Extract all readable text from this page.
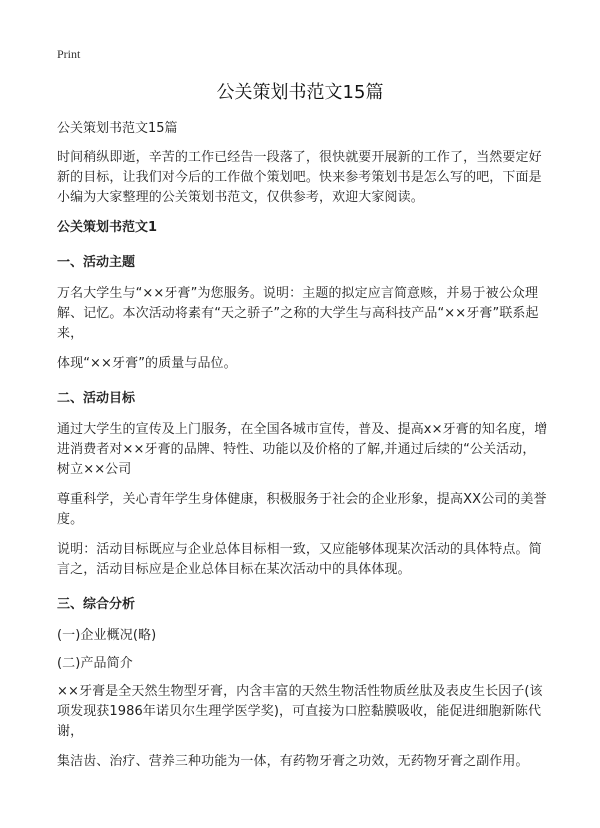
Print
公关策划书范文15篇

公关策划书范文15篇

时间稍纵即逝，辛苦的工作已经告一段落了，很快就要开展新的工作了，当然要定好新的目标，让我们对今后的工作做个策划吧。快来参考策划书是怎么写的吧，下面是小编为大家整理的公关策划书范文，仅供参考，欢迎大家阅读。

公关策划书范文1
一、活动主题

万名大学生与“××牙膏”为您服务。说明：主题的拟定应言简意赅，并易于被公众理解、记忆。本次活动将素有“天之骄子”之称的大学生与高科技产品“××牙膏”联系起来，

体现“××牙膏”的质量与品位。

二、活动目标

通过大学生的宣传及上门服务，在全国各城市宣传，普及、提高x×牙膏的知名度，增进消费者对××牙膏的品牌、特性、功能以及价格的了解,并通过后续的“公关活动，树立××公司

尊重科学，关心青年学生身体健康，积极服务于社会的企业形象，提高XX公司的美誉度。

说明：活动目标既应与企业总体目标相一致，又应能够体现某次活动的具体特点。简言之，活动目标应是企业总体目标在某次活动中的具体体现。

三、综合分析

(一)企业概况(略)

(二)产品简介

××牙膏是全天然生物型牙膏，内含丰富的天然生物活性物质丝肽及表皮生长因子(该项发现获1986年诺贝尔生理学医学奖)，可直接为口腔黏膜吸收，能促进细胞新陈代谢，

集洁齿、治疗、营养三种功能为一体，有药物牙膏之功效，无药物牙膏之副作用。
